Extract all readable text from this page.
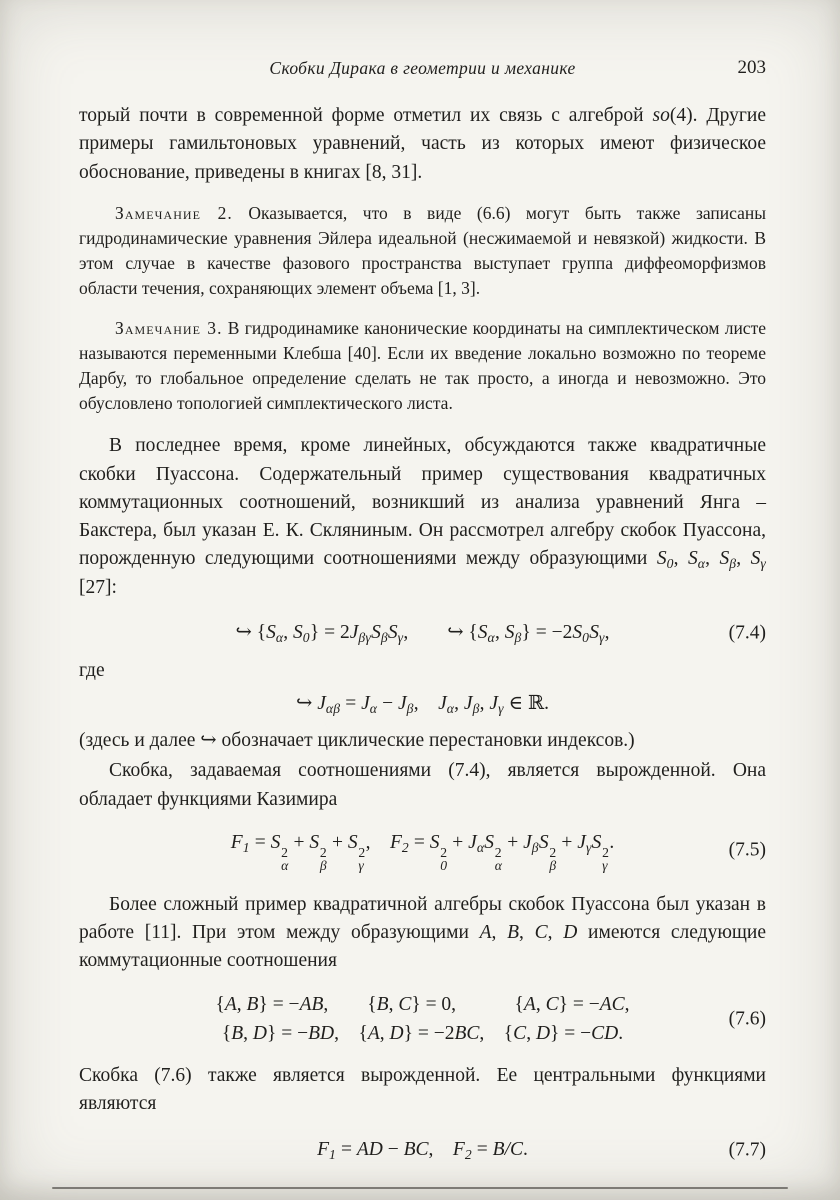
Скобки Дирака в геометрии и механике	203

торый почти в современной форме отметил их связь с алгеброй so(4). Другие примеры гамильтоновых уравнений, часть из которых имеют физическое обоснование, приведены в книгах [8, 31].

Замечание 2. Оказывается, что в виде (6.6) могут быть также записаны гидродинамические уравнения Эйлера идеальной (несжимаемой и невязкой) жидкости. В этом случае в качестве фазового пространства выступает группа диффеоморфизмов области течения, сохраняющих элемент объема [1, 3].

Замечание 3. В гидродинамике канонические координаты на симплектическом листе называются переменными Клебша [40]. Если их введение локально возможно по теореме Дарбу, то глобальное определение сделать не так просто, а иногда и невозможно. Это обусловлено топологией симплектического листа.

В последнее время, кроме линейных, обсуждаются также квадратичные скобки Пуассона. Содержательный пример существования квадратичных коммутационных соотношений, возникший из анализа уравнений Янга – Бакстера, был указан Е. К. Скляниным. Он рассмотрел алгебру скобок Пуассона, порожденную следующими соотношениями между образующими S0, Sα, Sβ, Sγ [27]:

↪ {Sα, S0} = 2JβγSβSγ,  ↪ {Sα, Sβ} = −2S0Sγ,	(7.4)

где

↪ Jαβ = Jα − Jβ,  Jα, Jβ, Jγ ∈ ℝ.

(здесь и далее ↪ обозначает циклические перестановки индексов.)

Скобка, задаваемая соотношениями (7.4), является вырожденной. Она обладает функциями Казимира

F1 = S 2
α
+ S 2
β
+ S 2
γ
, F2 = S 2
0
+ JαS 2
α
+ JβS 2
β
+ JγS 2
γ
.	(7.5)

Более сложный пример квадратичной алгебры скобок Пуассона был указан в работе [11]. При этом между образующими A, B, C, D имеются следующие коммутационные соотношения

{A, B} = −AB,  {B, C} = 0,   {A, C} = −AC,
{B, D} = −BD, {A, D} = −2BC, {C, D} = −CD.
(7.6)

Скобка (7.6) также является вырожденной. Ее центральными функциями являются

F1 = AD − BC, F2 = B/C.	(7.7)
